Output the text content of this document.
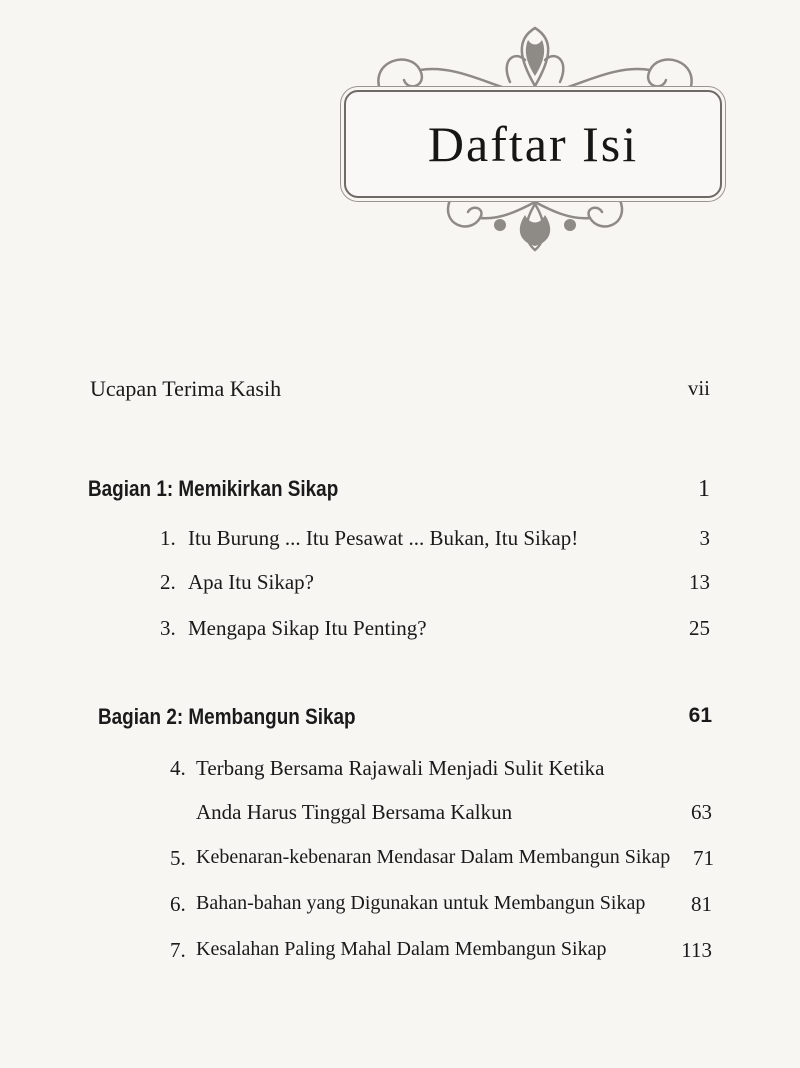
Daftar Isi
Ucapan Terima Kasih	vii
Bagian 1: Memikirkan Sikap	1
1. Itu Burung ... Itu Pesawat ... Bukan, Itu Sikap!	3
2. Apa Itu Sikap?	13
3. Mengapa Sikap Itu Penting?	25
Bagian 2: Membangun Sikap	61
4. Terbang Bersama Rajawali Menjadi Sulit Ketika
Anda Harus Tinggal Bersama Kalkun	63
5. Kebenaran-kebenaran Mendasar Dalam Membangun Sikap	71
6. Bahan-bahan yang Digunakan untuk Membangun Sikap	81
7. Kesalahan Paling Mahal Dalam Membangun Sikap	113
